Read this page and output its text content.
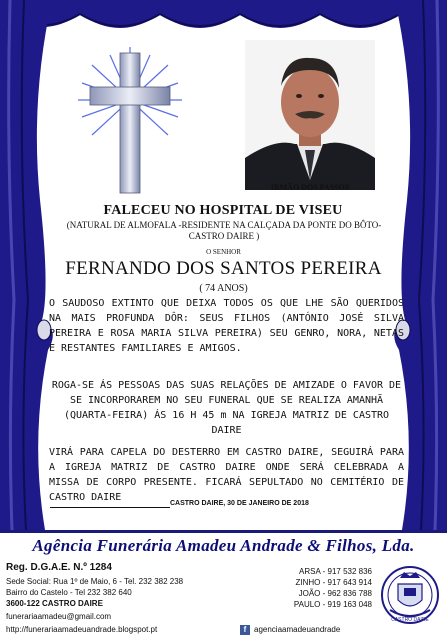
IRMÃO DOS PASSOS
FALECEU NO HOSPITAL DE VISEU
(NATURAL DE ALMOFALA -RESIDENTE NA CALÇADA DA PONTE DO BÔTO- CASTRO DAIRE )
O SENHOR
FERNANDO DOS SANTOS PEREIRA
( 74 ANOS)

O SAUDOSO EXTINTO QUE DEIXA TODOS OS QUE LHE SÃO QUERIDOS NA MAIS PROFUNDA DÔR: SEUS FILHOS (ANTÓNIO JOSÉ SILVA PEREIRA E ROSA MARIA SILVA PEREIRA) SEU GENRO, NORA, NETAS E RESTANTES FAMILIARES E AMIGOS.

ROGA-SE ÁS PESSOAS DAS SUAS RELAÇÕES DE AMIZADE O FAVOR DE SE INCORPORAREM NO SEU FUNERAL QUE SE REALIZA AMANHÃ (QUARTA-FEIRA) ÁS 16 H 45 m NA IGREJA MATRIZ DE CASTRO DAIRE

VIRÁ PARA CAPELA DO DESTERRO EM CASTRO DAIRE, SEGUIRÁ PARA A IGREJA MATRIZ DE CASTRO DAIRE ONDE SERÁ CELEBRADA A MISSA DE CORPO PRESENTE. FICARÁ SEPULTADO NO CEMITÉRIO DE CASTRO DAIRE

CASTRO DAIRE, 30 DE JANEIRO DE 2018
Agência Funerária Amadeu Andrade & Filhos, Lda.
Reg. D.G.A.E. N.º 1284
Sede Social: Rua 1º de Maio, 6 - Tel. 232 382 238
Bairro do Castelo - Tel 232 382 640
3600-122 CASTRO DAIRE
funerariaamadeu@gmail.com
http://funerariaamadeuandrade.blogspot.pt
ARSA - 917 532 836
ZINHO - 917 643 914
JOÃO - 962 836 788
PAULO - 919 163 048
f agenciaamadeuandrade
CASTRO DAIRE
